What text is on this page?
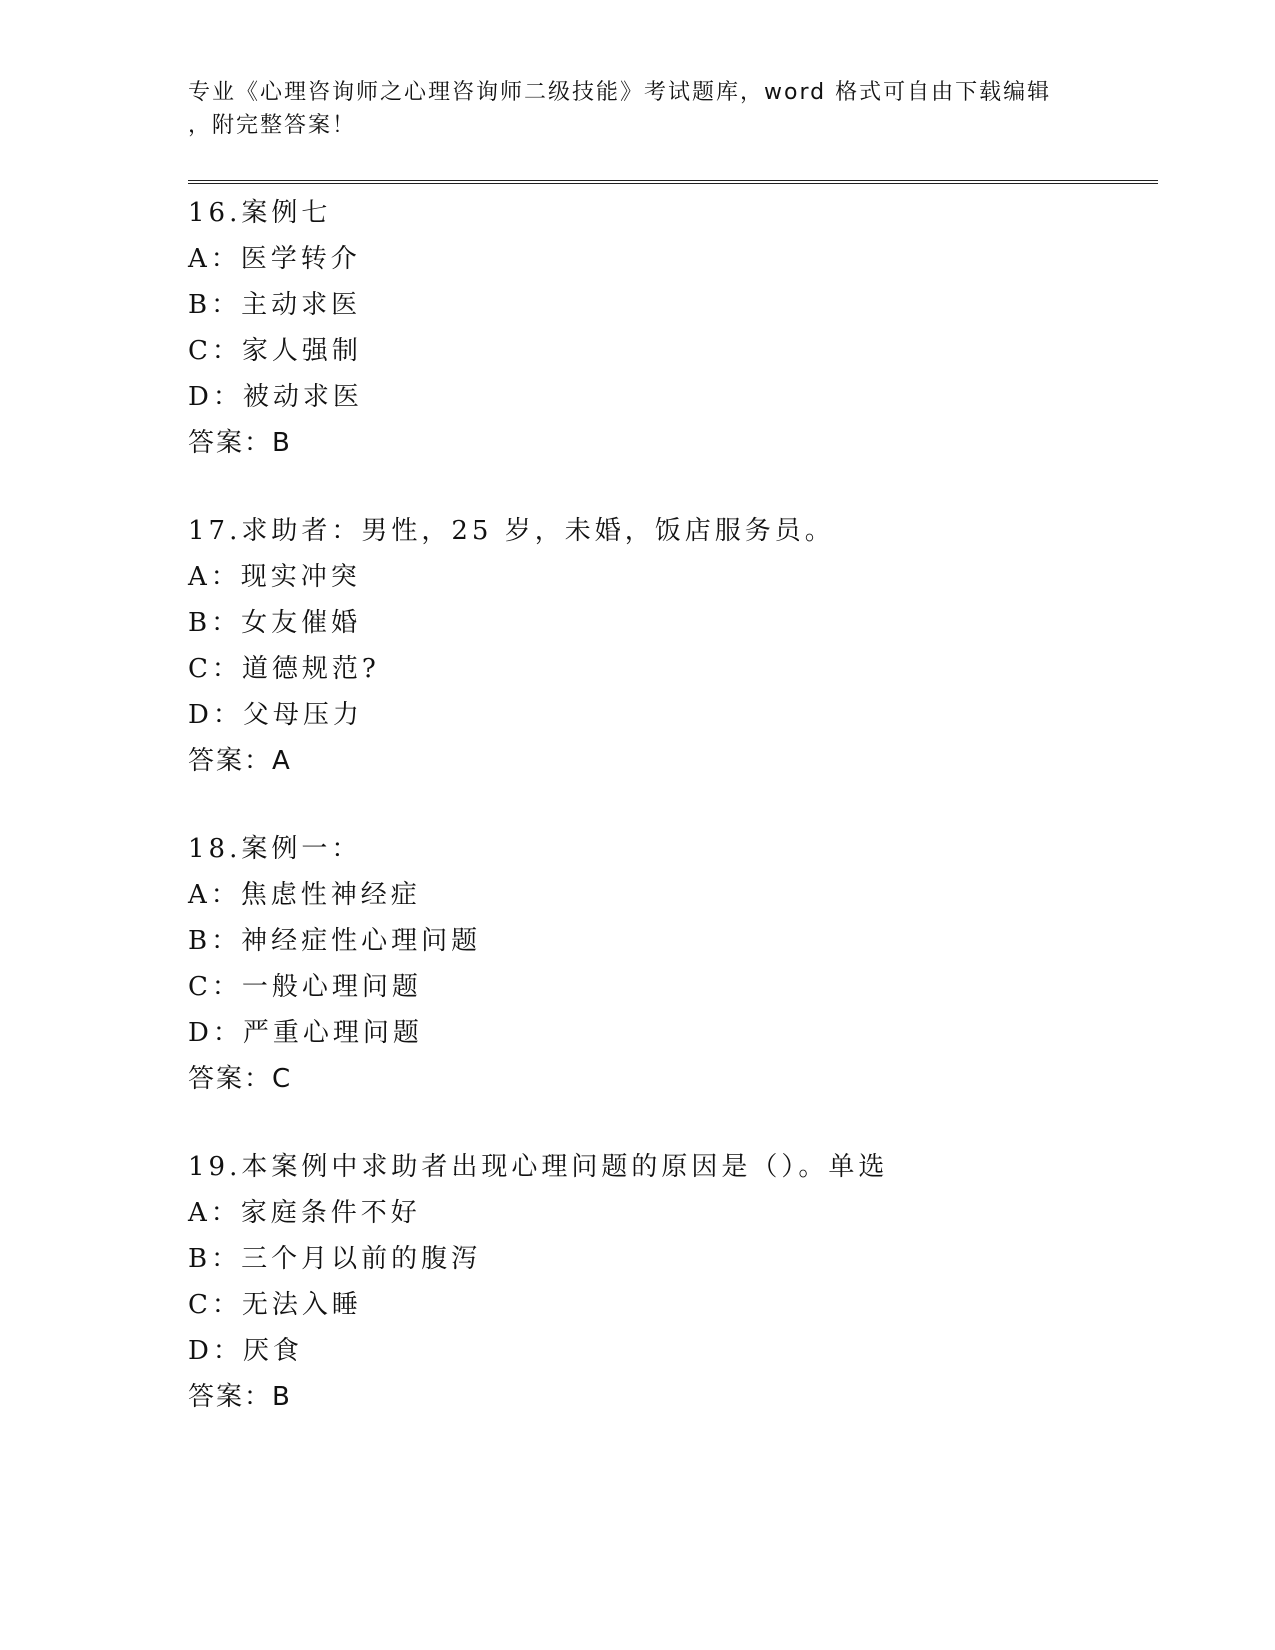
专业《心理咨询师之心理咨询师二级技能》考试题库，word 格式可自由下载编辑
，附完整答案！
16.案例七
A：医学转介
B：主动求医
C：家人强制
D：被动求医
答案：B
17.求助者：男性，25 岁，未婚，饭店服务员。
A：现实冲突
B：女友催婚
C：道德规范?
D：父母压力
答案：A
18.案例一：
A：焦虑性神经症
B：神经症性心理问题
C：一般心理问题
D：严重心理问题
答案：C
19.本案例中求助者出现心理问题的原因是（）。单选
A：家庭条件不好
B：三个月以前的腹泻
C：无法入睡
D：厌食
答案：B
